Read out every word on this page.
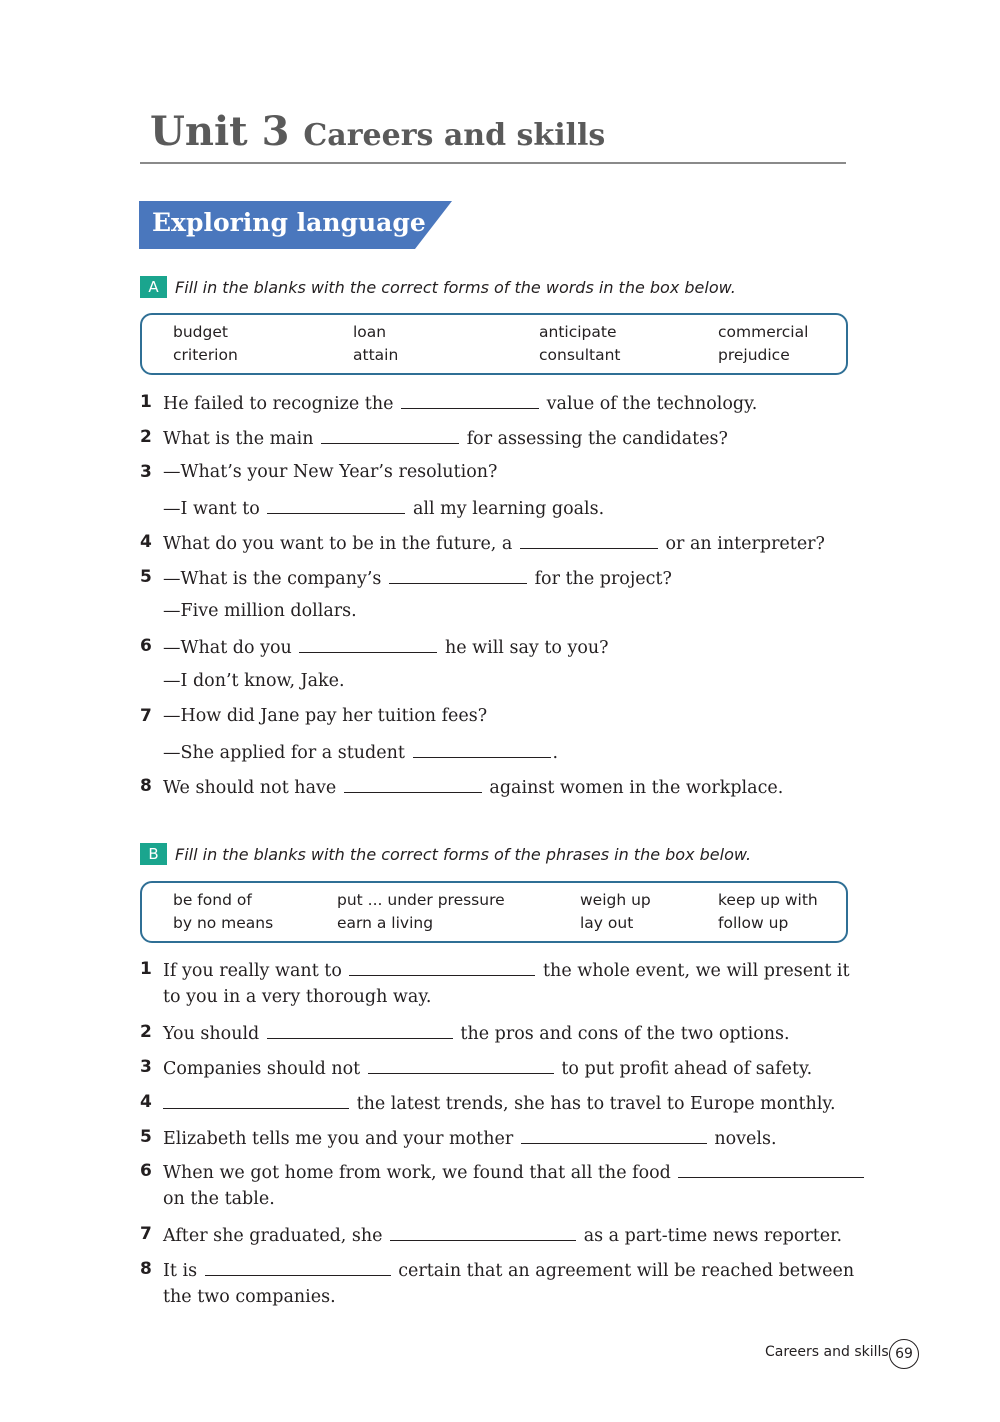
Unit 3 Careers and skills
Exploring language
A Fill in the blanks with the correct forms of the words in the box below.
budget	loan	anticipate	commercial
criterion	attain	consultant	prejudice
1 He failed to recognize the	value of the technology.
2 What is the main	for assessing the candidates?
3 —What’s your New Year’s resolution?
—I want to	all my learning goals.
4 What do you want to be in the future, a	or an interpreter?
5 —What is the company’s	for the project?
—Five million dollars.
6 —What do you	he will say to you?
—I don’t know, Jake.
7 —How did Jane pay her tuition fees?
—She applied for a student	.
8 We should not have	against women in the workplace.
B Fill in the blanks with the correct forms of the phrases in the box below.
be fond of	put ... under pressure	weigh up	keep up with
by no means	earn a living	lay out	follow up
1 If you really want to	the whole event, we will present it
to you in a very thorough way.
2 You should	the pros and cons of the two options.
3 Companies should not	to put profit ahead of safety.
4	the latest trends, she has to travel to Europe monthly.
5 Elizabeth tells me you and your mother	novels.
6 When we got home from work, we found that all the food
on the table.
7 After she graduated, she	as a part-time news reporter.
8 It is	certain that an agreement will be reached between
the two companies.
Careers and skills 69
